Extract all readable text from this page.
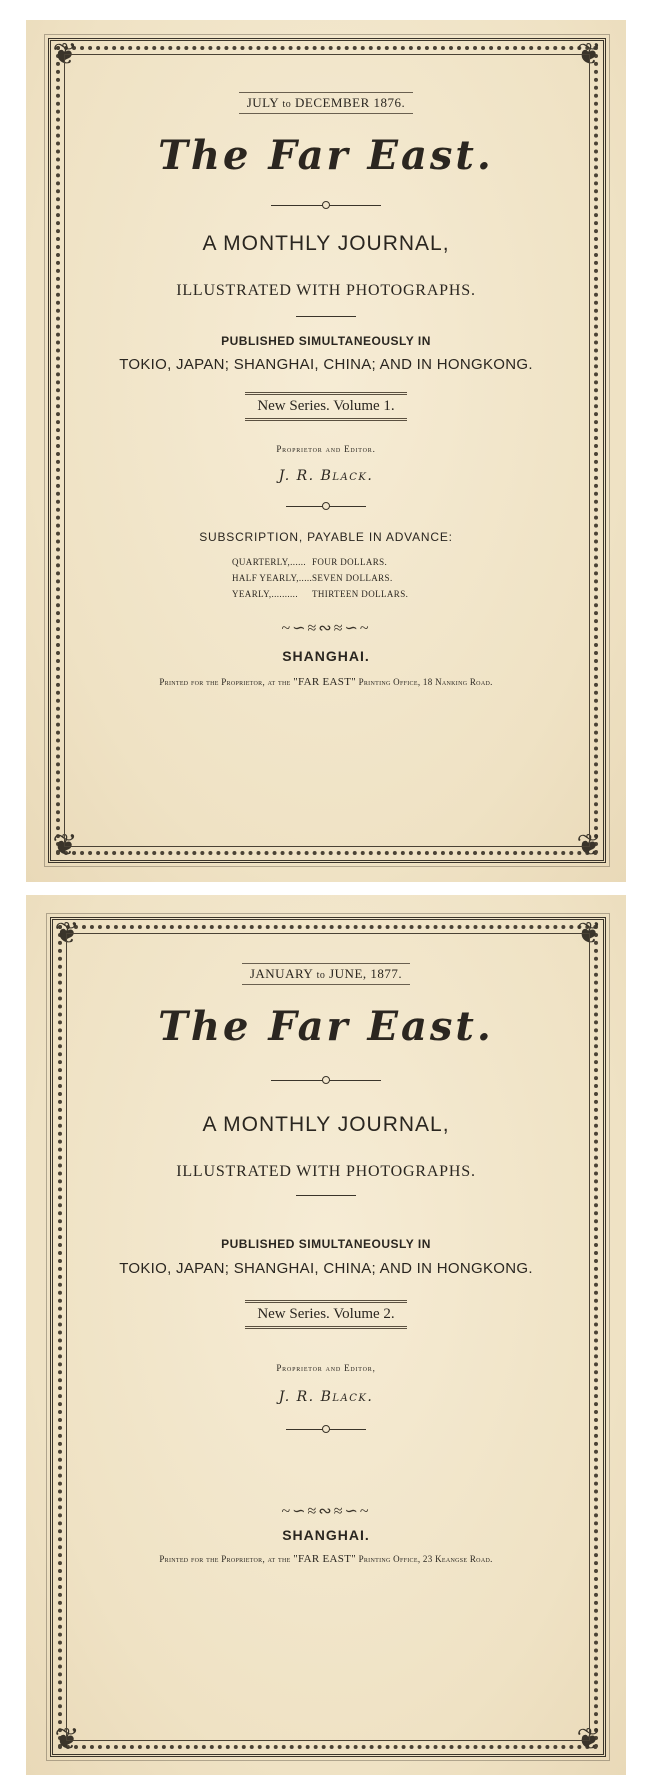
❦	❦
❦	❦
JULY to DECEMBER 1876.
The Far East.
A MONTHLY JOURNAL,
ILLUSTRATED WITH PHOTOGRAPHS.
PUBLISHED SIMULTANEOUSLY IN
TOKIO, JAPAN; SHANGHAI, CHINA; AND IN HONGKONG.
New Series. Volume 1.
Proprietor and Editor.
J. R. Black.
SUBSCRIPTION, PAYABLE IN ADVANCE:
QUARTERLY,...... FOUR DOLLARS.
HALF YEARLY,..... SEVEN DOLLARS.
YEARLY,..........	THIRTEEN DOLLARS.
~∽≈∾≈∽~
SHANGHAI.
Printed for the Proprietor, at the "FAR EAST" Printing Office, 18 Nanking Road.
❦	❦
❦	❦
JANUARY to JUNE, 1877.
The Far East.
A MONTHLY JOURNAL,
ILLUSTRATED WITH PHOTOGRAPHS.
PUBLISHED SIMULTANEOUSLY IN
TOKIO, JAPAN; SHANGHAI, CHINA; AND IN HONGKONG.
New Series. Volume 2.
Proprietor and Editor,
J. R. Black.
~∽≈∾≈∽~
SHANGHAI.
Printed for the Proprietor, at the "FAR EAST" Printing Office, 23 Keangse Road.
